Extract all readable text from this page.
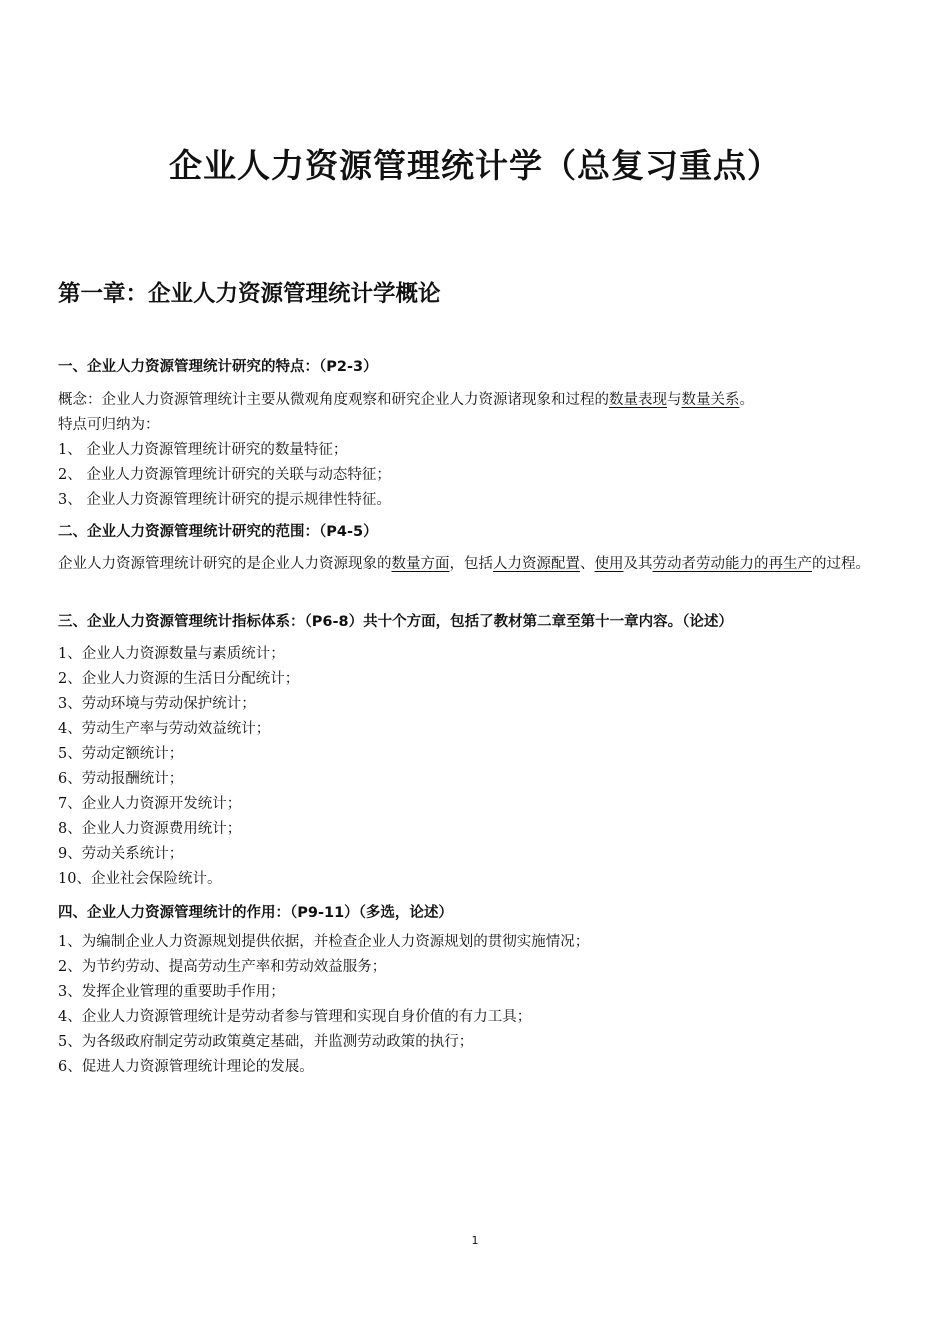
企业人力资源管理统计学（总复习重点）
第一章：企业人力资源管理统计学概论
一、企业人力资源管理统计研究的特点：（P2-3）
概念：企业人力资源管理统计主要从微观角度观察和研究企业人力资源诸现象和过程的数量表现与数量关系。
特点可归纳为：
1、 企业人力资源管理统计研究的数量特征；
2、 企业人力资源管理统计研究的关联与动态特征；
3、 企业人力资源管理统计研究的提示规律性特征。
二、企业人力资源管理统计研究的范围：（P4-5）
企业人力资源管理统计研究的是企业人力资源现象的数量方面，包括人力资源配置、使用及其劳动者劳动能力的再生产的过程。
三、企业人力资源管理统计指标体系：（P6-8）共十个方面，包括了教材第二章至第十一章内容。（论述）
1、企业人力资源数量与素质统计；
2、企业人力资源的生活日分配统计；
3、劳动环境与劳动保护统计；
4、劳动生产率与劳动效益统计；
5、劳动定额统计；
6、劳动报酬统计；
7、企业人力资源开发统计；
8、企业人力资源费用统计；
9、劳动关系统计；
10、企业社会保险统计。
四、企业人力资源管理统计的作用：（P9-11）（多选，论述）
1、为编制企业人力资源规划提供依据，并检查企业人力资源规划的贯彻实施情况；
2、为节约劳动、提高劳动生产率和劳动效益服务；
3、发挥企业管理的重要助手作用；
4、企业人力资源管理统计是劳动者参与管理和实现自身价值的有力工具；
5、为各级政府制定劳动政策奠定基础，并监测劳动政策的执行；
6、促进人力资源管理统计理论的发展。
1
